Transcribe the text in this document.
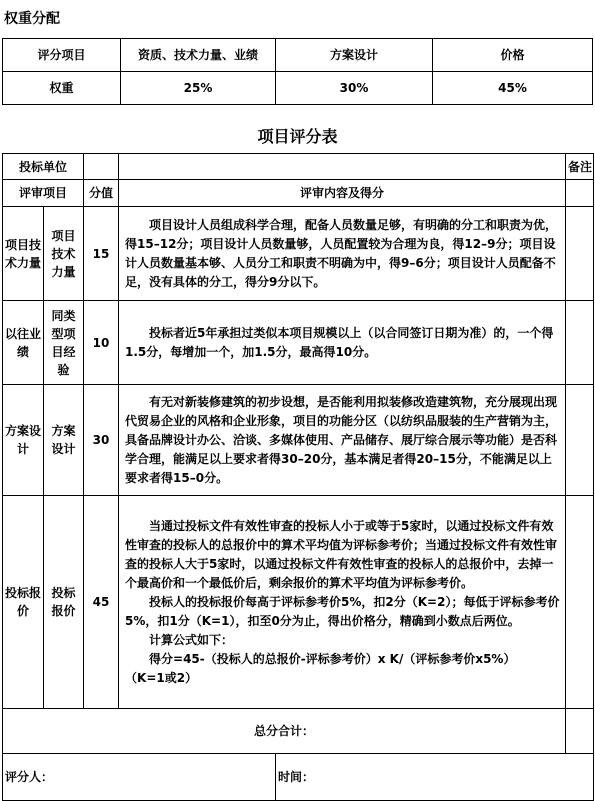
权重分配
评分项目	资质、技术力量、业绩	方案设计	价格
权重	25%	30%	45%
项目评分表
投标单位					备注
评审项目		分值	评审内容及得分		
项目技术力量	项目技术力量	15	项目设计人员组成科学合理，配备人员数量足够，有明确的分工和职责为优，得15–12分；项目设计人员数量够，人员配置较为合理为良，得12–9分；项目设计人员数量基本够、人员分工和职责不明确为中，得9–6分；项目设计人员配备不足，没有具体的分工，得分9分以下。		

以往业绩	同类型项目经验	10	投标者近5年承担过类似本项目规模以上（以合同签订日期为准）的，一个得1.5分，每增加一个，加1.5分，最高得10分。		

方案设计	方案设计	30	有无对新装修建筑的初步设想，是否能利用拟装修改造建筑物，充分展现出现代贸易企业的风格和企业形象，项目的功能分区（以纺织品服装的生产营销为主，具备品牌设计办公、洽谈、多媒体使用、产品储存、展厅综合展示等功能）是否科学合理，能满足以上要求者得30–20分，基本满足者得20–15分，不能满足以上要求者得15–0分。		

投标报价	投标报价	45	当通过投标文件有效性审查的投标人小于或等于5家时，以通过投标文件有效性审查的投标人的总报价中的算术平均值为评标参考价；当通过投标文件有效性审查的投标人大于5家时，以通过投标文件有效性审查的投标人的总报价中，去掉一个最高价和一个最低价后，剩余报价的算术平均值为评标参考价。

投标人的投标报价每高于评标参考价5%，扣2分（K=2）；每低于评标参考价5%，扣1分（K=1），扣至0分为止，得出价格分，精确到小数点后两位。

计算公式如下：

得分=45-（投标人的总报价-评标参考价）x K/（评标参考价x5%）

（K=1或2）		

总分合计：					
评分人：				时间：	
